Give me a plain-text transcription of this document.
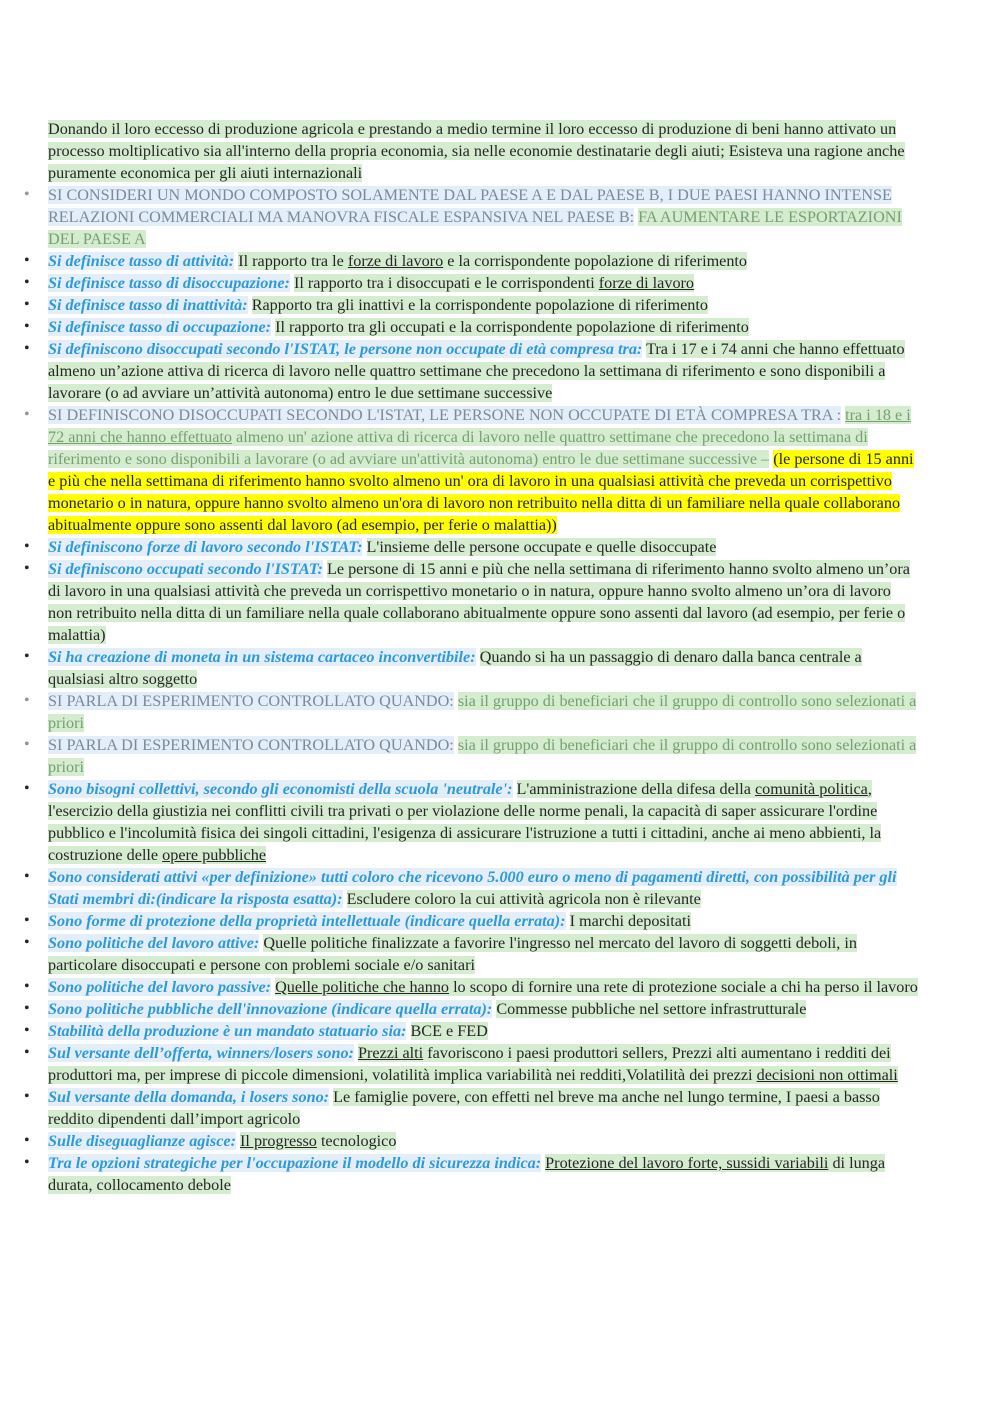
Donando il loro eccesso di produzione agricola e prestando a medio termine il loro eccesso di produzione di beni hanno attivato un processo moltiplicativo sia all'interno della propria economia, sia nelle economie destinatarie degli aiuti; Esisteva una ragione anche puramente economica per gli aiuti internazionali

• SI CONSIDERI UN MONDO COMPOSTO SOLAMENTE DAL PAESE A E DAL PAESE B, I DUE PAESI HANNO INTENSE RELAZIONI COMMERCIALI MA MANOVRA FISCALE ESPANSIVA NEL PAESE B: FA AUMENTARE LE ESPORTAZIONI DEL PAESE A
• Si definisce tasso di attività: Il rapporto tra le forze di lavoro e la corrispondente popolazione di riferimento
• Si definisce tasso di disoccupazione: Il rapporto tra i disoccupati e le corrispondenti forze di lavoro
• Si definisce tasso di inattività: Rapporto tra gli inattivi e la corrispondente popolazione di riferimento
• Si definisce tasso di occupazione: Il rapporto tra gli occupati e la corrispondente popolazione di riferimento
• Si definiscono disoccupati secondo l'ISTAT, le persone non occupate di età compresa tra: Tra i 17 e i 74 anni che hanno effettuato almeno un’azione attiva di ricerca di lavoro nelle quattro settimane che precedono la settimana di riferimento e sono disponibili a lavorare (o ad avviare un’attività autonoma) entro le due settimane successive
• SI DEFINISCONO DISOCCUPATI SECONDO L'ISTAT, LE PERSONE NON OCCUPATE DI ETÀ COMPRESA TRA : tra i 18 e i 72 anni che hanno effettuato almeno un' azione attiva di ricerca di lavoro nelle quattro settimane che precedono la settimana di riferimento e sono disponibili a lavorare (o ad avviare un'attività autonoma) entro le due settimane successive – (le persone di 15 anni e più che nella settimana di riferimento hanno svolto almeno un' ora di lavoro in una qualsiasi attività che preveda un corrispettivo monetario o in natura, oppure hanno svolto almeno un'ora di lavoro non retribuito nella ditta di un familiare nella quale collaborano abitualmente oppure sono assenti dal lavoro (ad esempio, per ferie o malattia))
• Si definiscono forze di lavoro secondo l'ISTAT: L'insieme delle persone occupate e quelle disoccupate
• Si definiscono occupati secondo l'ISTAT: Le persone di 15 anni e più che nella settimana di riferimento hanno svolto almeno un’ora di lavoro in una qualsiasi attività che preveda un corrispettivo monetario o in natura, oppure hanno svolto almeno un’ora di lavoro non retribuito nella ditta di un familiare nella quale collaborano abitualmente oppure sono assenti dal lavoro (ad esempio, per ferie o malattia)
• Si ha creazione di moneta in un sistema cartaceo inconvertibile: Quando si ha un passaggio di denaro dalla banca centrale a qualsiasi altro soggetto
• SI PARLA DI ESPERIMENTO CONTROLLATO QUANDO: sia il gruppo di beneficiari che il gruppo di controllo sono selezionati a priori
• SI PARLA DI ESPERIMENTO CONTROLLATO QUANDO: sia il gruppo di beneficiari che il gruppo di controllo sono selezionati a priori
• Sono bisogni collettivi, secondo gli economisti della scuola 'neutrale': L'amministrazione della difesa della comunità politica, l'esercizio della giustizia nei conflitti civili tra privati o per violazione delle norme penali, la capacità di saper assicurare l'ordine pubblico e l'incolumità fisica dei singoli cittadini, l'esigenza di assicurare l'istruzione a tutti i cittadini, anche ai meno abbienti, la costruzione delle opere pubbliche
• Sono considerati attivi «per definizione» tutti coloro che ricevono 5.000 euro o meno di pagamenti diretti, con possibilità per gli Stati membri di:(indicare la risposta esatta): Escludere coloro la cui attività agricola non è rilevante
• Sono forme di protezione della proprietà intellettuale (indicare quella errata): I marchi depositati
• Sono politiche del lavoro attive: Quelle politiche finalizzate a favorire l'ingresso nel mercato del lavoro di soggetti deboli, in particolare disoccupati e persone con problemi sociale e/o sanitari
• Sono politiche del lavoro passive: Quelle politiche che hanno lo scopo di fornire una rete di protezione sociale a chi ha perso il lavoro
• Sono politiche pubbliche dell'innovazione (indicare quella errata): Commesse pubbliche nel settore infrastrutturale
• Stabilità della produzione è un mandato statuario sia: BCE e FED
• Sul versante dell’offerta, winners/losers sono: Prezzi alti favoriscono i paesi produttori sellers, Prezzi alti aumentano i redditi dei produttori ma, per imprese di piccole dimensioni, volatilità implica variabilità nei redditi,Volatilità dei prezzi decisioni non ottimali
• Sul versante della domanda, i losers sono: Le famiglie povere, con effetti nel breve ma anche nel lungo termine, I paesi a basso reddito dipendenti dall’import agricolo
• Sulle diseguaglianze agisce: Il progresso tecnologico
• Tra le opzioni strategiche per l'occupazione il modello di sicurezza indica: Protezione del lavoro forte, sussidi variabili di lunga durata, collocamento debole
